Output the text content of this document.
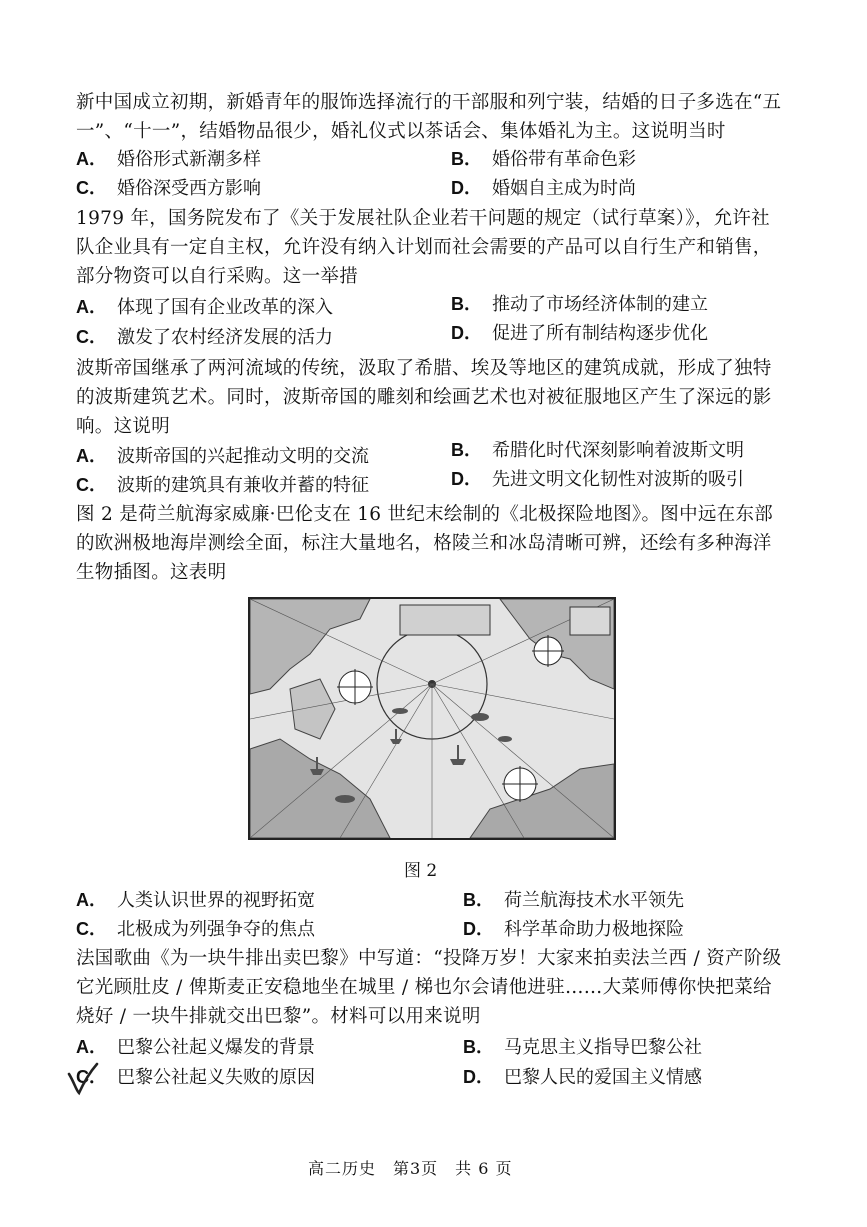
新中国成立初期，新婚青年的服饰选择流行的干部服和列宁装，结婚的日子多选在“五一”、“十一”，结婚物品很少，婚礼仪式以茶话会、集体婚礼为主。这说明当时
A． 婚俗形式新潮多样	B． 婚俗带有革命色彩
C． 婚俗深受西方影响	D． 婚姻自主成为时尚
1979 年，国务院发布了《关于发展社队企业若干问题的规定（试行草案）》，允许社队企业具有一定自主权，允许没有纳入计划而社会需要的产品可以自行生产和销售，部分物资可以自行采购。这一举措
A． 体现了国有企业改革的深入	B． 推动了市场经济体制的建立
C． 激发了农村经济发展的活力	D． 促进了所有制结构逐步优化
波斯帝国继承了两河流域的传统，汲取了希腊、埃及等地区的建筑成就，形成了独特的波斯建筑艺术。同时，波斯帝国的雕刻和绘画艺术也对被征服地区产生了深远的影响。这说明
A． 波斯帝国的兴起推动文明的交流	B． 希腊化时代深刻影响着波斯文明
C． 波斯的建筑具有兼收并蓄的特征	D． 先进文明文化韧性对波斯的吸引
图 2 是荷兰航海家威廉·巴伦支在 16 世纪末绘制的《北极探险地图》。图中远在东部的欧洲极地海岸测绘全面，标注大量地名，格陵兰和冰岛清晰可辨，还绘有多种海洋生物插图。这表明
图 2
A． 人类认识世界的视野拓宽	B． 荷兰航海技术水平领先
C． 北极成为列强争夺的焦点	D． 科学革命助力极地探险
法国歌曲《为一块牛排出卖巴黎》中写道：“投降万岁！大家来拍卖法兰西 / 资产阶级它光顾肚皮 / 俾斯麦正安稳地坐在城里 / 梯也尔会请他进驻……大菜师傅你快把菜给烧好 / 一块牛排就交出巴黎”。材料可以用来说明
A． 巴黎公社起义爆发的背景	B． 马克思主义指导巴黎公社
C． 巴黎公社起义失败的原因	D． 巴黎人民的爱国主义情感
高二历史　第3页　共 6 页
